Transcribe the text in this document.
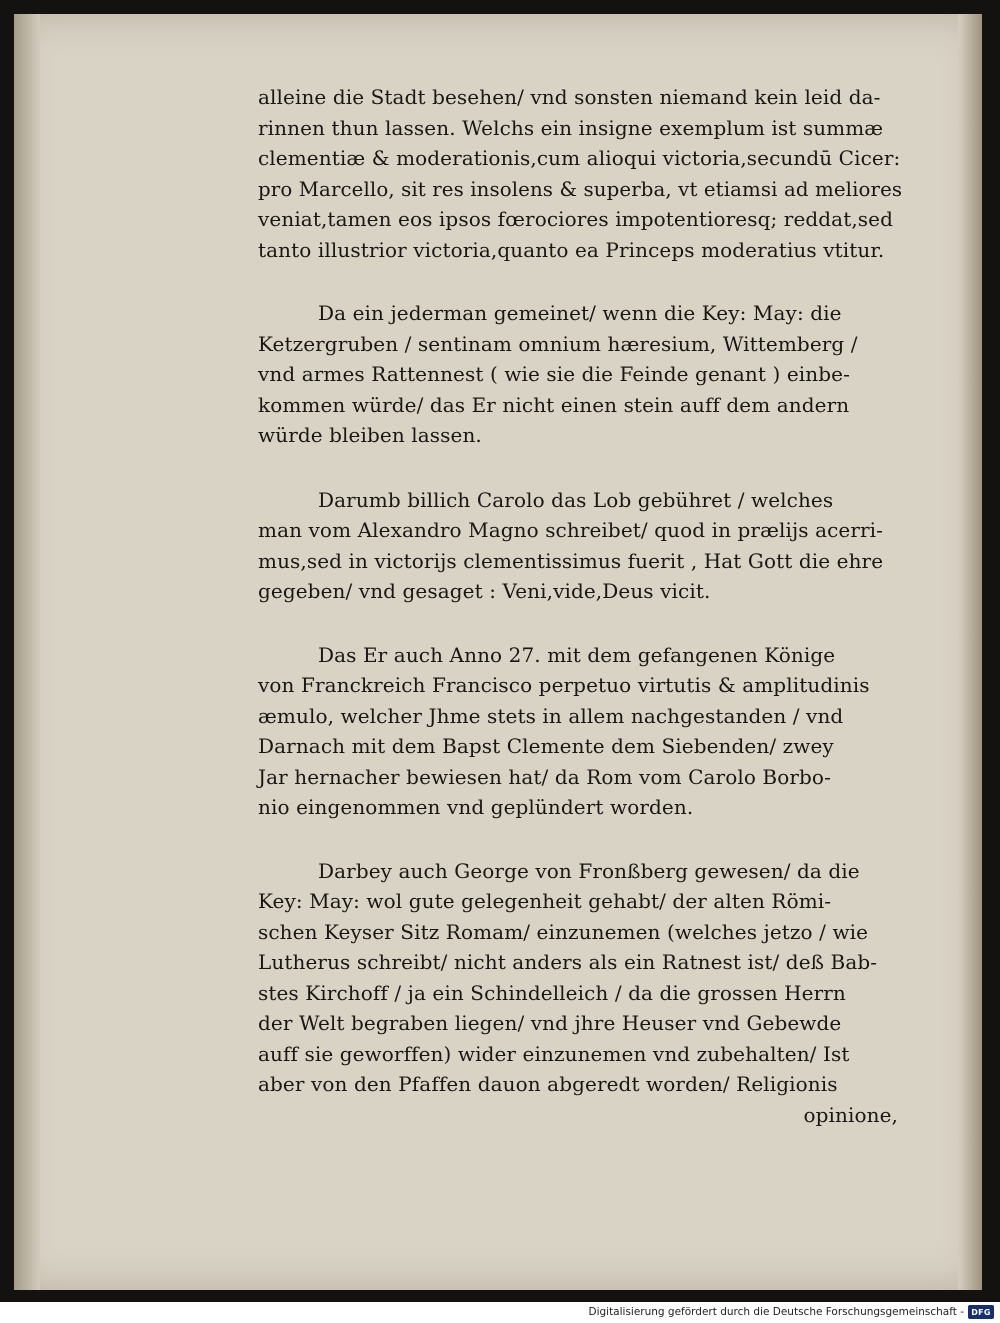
alleine die Stadt besehen/ vnd sonsten niemand kein leid da-
rinnen thun lassen. Welchs ein insigne exemplum ist summæ
clementiæ & moderationis,cum alioqui victoria,secundū Cicer:
pro Marcello, sit res insolens & superba, vt etiamsi ad meliores
veniat,tamen eos ipsos fœrociores impotentioresq; reddat,sed
tanto illustrior victoria,quanto ea Princeps moderatius vtitur.
Da ein jederman gemeinet/ wenn die Key: May: die
Ketzergruben / sentinam omnium hæresium, Wittemberg /
vnd armes Rattennest ( wie sie die Feinde genant ) einbe-
kommen würde/ das Er nicht einen stein auff dem andern
würde bleiben lassen.
Darumb billich Carolo das Lob gebühret / welches
man vom Alexandro Magno schreibet/ quod in prælijs acerri-
mus,sed in victorijs clementissimus fuerit , Hat Gott die ehre
gegeben/ vnd gesaget : Veni,vide,Deus vicit.
Das Er auch Anno 27. mit dem gefangenen Könige
von Franckreich Francisco perpetuo virtutis & amplitudinis
æmulo, welcher Jhme stets in allem nachgestanden / vnd
Darnach mit dem Bapst Clemente dem Siebenden/ zwey
Jar hernacher bewiesen hat/ da Rom vom Carolo Borbo-
nio eingenommen vnd geplündert worden.
Darbey auch George von Fronßberg gewesen/ da die
Key: May: wol gute gelegenheit gehabt/ der alten Römi-
schen Keyser Sitz Romam/ einzunemen (welches jetzo / wie
Lutherus schreibt/ nicht anders als ein Ratnest ist/ deß Bab-
stes Kirchoff / ja ein Schindelleich / da die grossen Herrn
der Welt begraben liegen/ vnd jhre Heuser vnd Gebewde
auff sie geworffen) wider einzunemen vnd zubehalten/ Ist
aber von den Pfaffen dauon abgeredt worden/ Religionis
opinione,
Digitalisierung gefördert durch die Deutsche Forschungsgemeinschaft - DFG
